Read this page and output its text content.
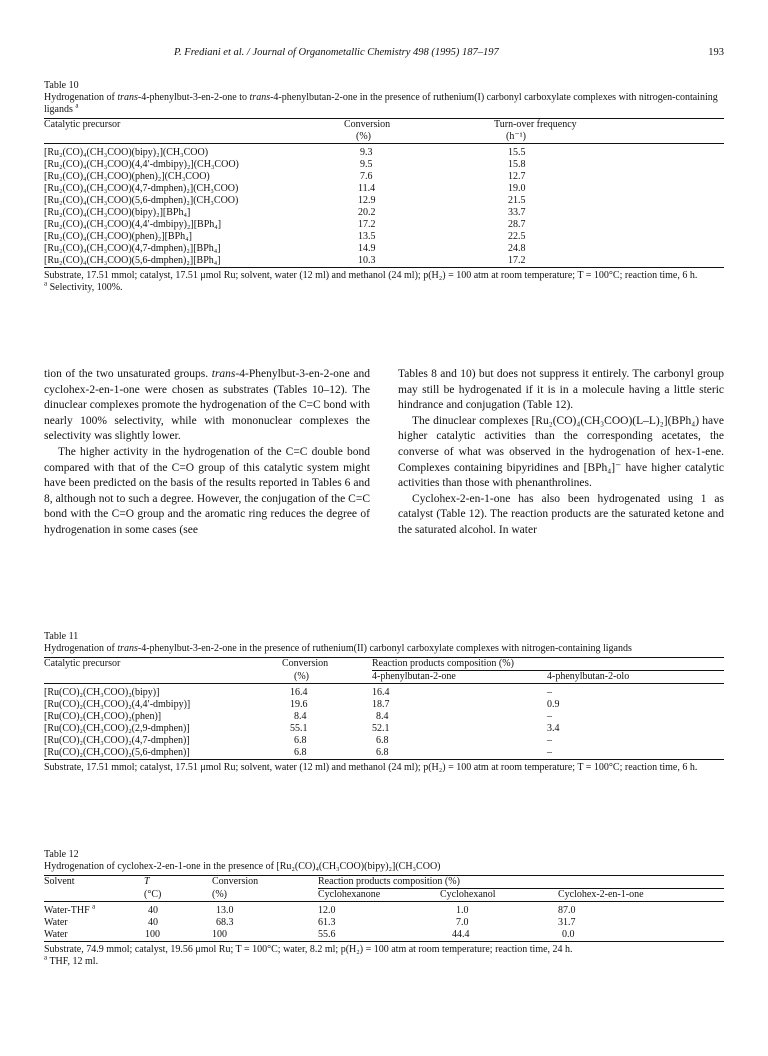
P. Frediani et al. / Journal of Organometallic Chemistry 498 (1995) 187–197	193
Table 10
Hydrogenation of trans-4-phenylbut-3-en-2-one to trans-4-phenylbutan-2-one in the presence of ruthenium(I) carbonyl carboxylate complexes with nitrogen-containing ligands $^a$
Catalytic precursor	Conversion	Turn-over frequency
	(%)	(h⁻¹)

[Ru₂(CO)₄(CH₃COO)(bipy)₂](CH₃COO)	9.3	15.5
[Ru₂(CO)₄(CH₃COO)(4,4′-dmbipy)₂](CH₃COO)	9.5	15.8
[Ru₂(CO)₄(CH₃COO)(phen)₂](CH₃COO)	7.6	12.7
[Ru₂(CO)₄(CH₃COO)(4,7-dmphen)₂](CH₃COO)	11.4	19.0
[Ru₂(CO)₄(CH₃COO)(5,6-dmphen)₂](CH₃COO)	12.9	21.5
[Ru₂(CO)₄(CH₃COO)(bipy)₂][BPh₄]	20.2	33.7
[Ru₂(CO)₄(CH₃COO)(4,4′-dmbipy)₂][BPh₄]	17.2	28.7
[Ru₂(CO)₄(CH₃COO)(phen)₂][BPh₄]	13.5	22.5
[Ru₂(CO)₄(CH₃COO)(4,7-dmphen)₂][BPh₄]	14.9	24.8
[Ru₂(CO)₄(CH₃COO)(5,6-dmphen)₂][BPh₄]	10.3	17.2
Substrate, 17.51 mmol; catalyst, 17.51 μmol Ru; solvent, water (12 ml) and methanol (24 ml); p(H₂) = 100 atm at room temperature; T = 100°C; reaction time, 6 h.
$^a$ Selectivity, 100%.

tion of the two unsaturated groups. trans-4-Phenylbut-3-en-2-one and cyclohex-2-en-1-one were chosen as substrates (Tables 10–12). The dinuclear complexes promote the hydrogenation of the C=C bond with nearly 100% selectivity, while with mononuclear complexes the selectivity was slightly lower.

The higher activity in the hydrogenation of the C=C double bond compared with that of the C=O group of this catalytic system might have been predicted on the basis of the results reported in Tables 6 and 8, although not to such a degree. However, the conjugation of the C=C bond with the C=O group and the aromatic ring reduces the degree of hydrogenation in some cases (see

Tables 8 and 10) but does not suppress it entirely. The carbonyl group may still be hydrogenated if it is in a molecule having a little steric hindrance and conjugation (Table 12).

The dinuclear complexes [Ru₂(CO)₄(CH₃COO)(L–L)₂](BPh₄) have higher catalytic activities than the corresponding acetates, the converse of what was observed in the hydrogenation of hex-1-ene. Complexes containing bipyridines and [BPh₄]⁻ have higher catalytic activities than those with phenanthrolines.

Cyclohex-2-en-1-one has also been hydrogenated using 1 as catalyst (Table 12). The reaction products are the saturated ketone and the saturated alcohol. In water

Table 11
Hydrogenation of trans-4-phenylbut-3-en-2-one in the presence of ruthenium(II) carbonyl carboxylate complexes with nitrogen-containing ligands
Catalytic precursor	Conversion	Reaction products composition (%)	
	(%)	4-phenylbutan-2-one	4-phenylbutan-2-olo

[Ru(CO)₂(CH₃COO)₂(bipy)]	16.4	16.4	–
[Ru(CO)₂(CH₃COO)₂(4,4′-dmbipy)]	19.6	18.7	0.9
[Ru(CO)₂(CH₃COO)₂(phen)]	8.4	8.4	–
[Ru(CO)₂(CH₃COO)₂(2,9-dmphen)]	55.1	52.1	3.4
[Ru(CO)₂(CH₃COO)₂(4,7-dmphen)]	6.8	6.8	–
[Ru(CO)₂(CH₃COO)₂(5,6-dmphen)]	6.8	6.8	–
Substrate, 17.51 mmol; catalyst, 17.51 μmol Ru; solvent, water (12 ml) and methanol (24 ml); p(H₂) = 100 atm at room temperature; T = 100°C; reaction time, 6 h.
Table 12
Hydrogenation of cyclohex-2-en-1-one in the presence of [Ru₂(CO)₄(CH₃COO)(bipy)₂](CH₃COO)
Solvent	T	Conversion	Reaction products composition (%)		
	(°C)	(%)	Cyclohexanone	Cyclohexanol	Cyclohex-2-en-1-one

Water-THF $^a$	40	13.0	12.0	1.0	87.0
Water	40	68.3	61.3	7.0	31.7
Water	100	100	55.6	44.4	0.0
Substrate, 74.9 mmol; catalyst, 19.56 μmol Ru; T = 100°C; water, 8.2 ml; p(H₂) = 100 atm at room temperature; reaction time, 24 h.
$^a$ THF, 12 ml.
